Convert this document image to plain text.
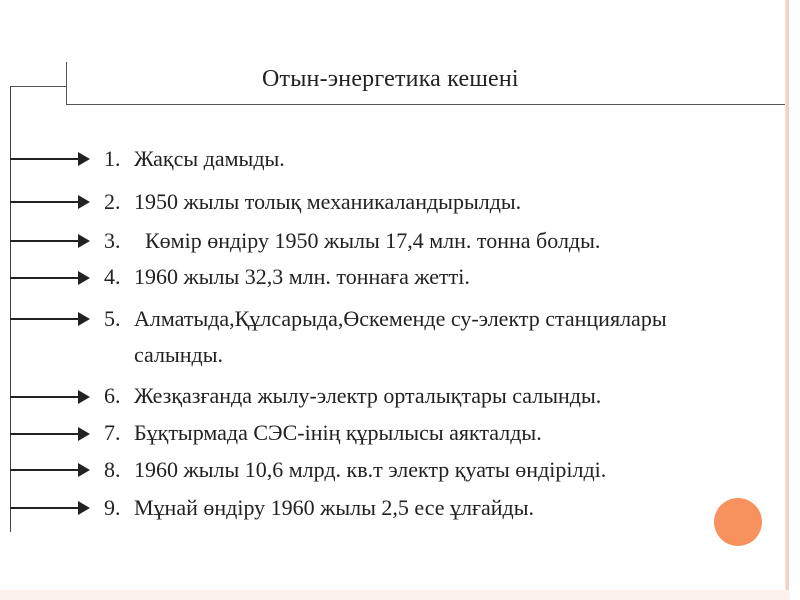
Отын-энергетика кешені
1. Жақсы дамыды.
2. 1950 жылы толық механикаландырылды.
3.  Көмір өндіру 1950 жылы 17,4 млн. тонна болды.
4. 1960 жылы 32,3 млн. тоннаға жетті.
5. Алматыда,Құлсарыда,Өскеменде су-электр станциялары
салынды.
6. Жезқазғанда жылу-электр орталықтары салынды.
7. Бұқтырмада СЭС-інің құрылысы аякталды.
8. 1960 жылы 10,6 млрд. кв.т электр қуаты өндірілді.
9. Мұнай өндіру 1960 жылы 2,5 есе ұлғайды.
